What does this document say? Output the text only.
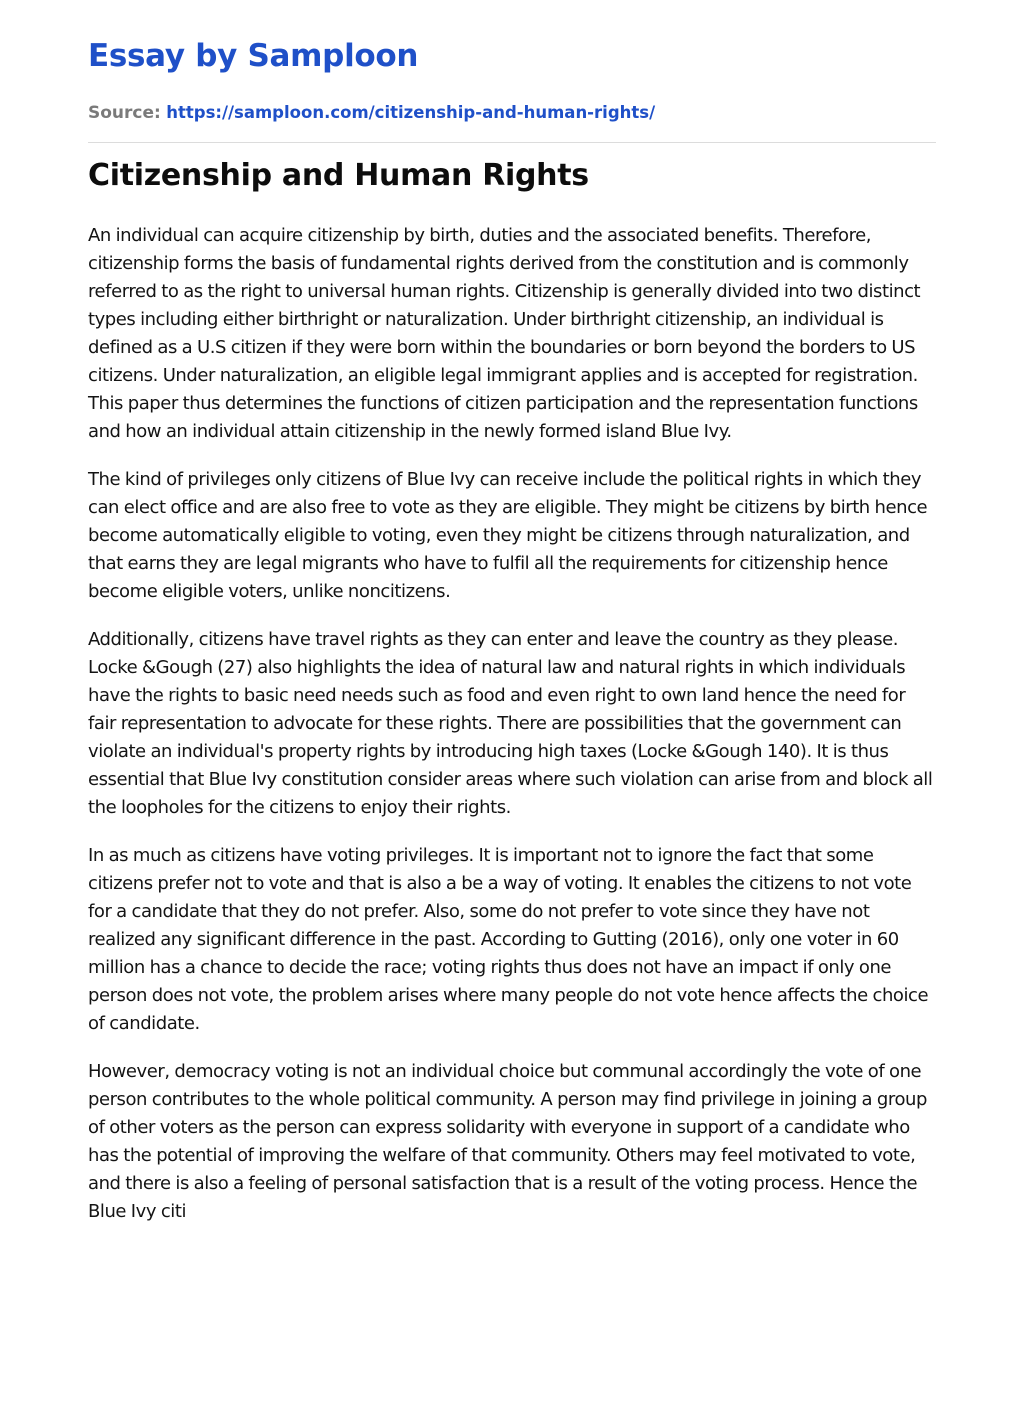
Essay by Samploon
Source: https://samploon.com/citizenship-and-human-rights/
Citizenship and Human Rights

An individual can acquire citizenship by birth, duties and the associated benefits. Therefore, citizenship forms the basis of fundamental rights derived from the constitution and is commonly referred to as the right to universal human rights. Citizenship is generally divided into two distinct types including either birthright or naturalization. Under birthright citizenship, an individual is defined as a U.S citizen if they were born within the boundaries or born beyond the borders to US citizens. Under naturalization, an eligible legal immigrant applies and is accepted for registration. This paper thus determines the functions of citizen participation and the representation functions and how an individual attain citizenship in the newly formed island Blue Ivy.

The kind of privileges only citizens of Blue Ivy can receive include the political rights in which they can elect office and are also free to vote as they are eligible. They might be citizens by birth hence become automatically eligible to voting, even they might be citizens through naturalization, and that earns they are legal migrants who have to fulfil all the requirements for citizenship hence become eligible voters, unlike noncitizens.

Additionally, citizens have travel rights as they can enter and leave the country as they please. Locke &Gough (27) also highlights the idea of natural law and natural rights in which individuals have the rights to basic need needs such as food and even right to own land hence the need for fair representation to advocate for these rights. There are possibilities that the government can violate an individual's property rights by introducing high taxes (Locke &Gough 140). It is thus essential that Blue Ivy constitution consider areas where such violation can arise from and block all the loopholes for the citizens to enjoy their rights.

In as much as citizens have voting privileges. It is important not to ignore the fact that some citizens prefer not to vote and that is also a be a way of voting. It enables the citizens to not vote for a candidate that they do not prefer. Also, some do not prefer to vote since they have not realized any significant difference in the past. According to Gutting (2016), only one voter in 60 million has a chance to decide the race; voting rights thus does not have an impact if only one person does not vote, the problem arises where many people do not vote hence affects the choice of candidate.

However, democracy voting is not an individual choice but communal accordingly the vote of one person contributes to the whole political community. A person may find privilege in joining a group of other voters as the person can express solidarity with everyone in support of a candidate who has the potential of improving the welfare of that community. Others may feel motivated to vote, and there is also a feeling of personal satisfaction that is a result of the voting process. Hence the Blue Ivy citi
